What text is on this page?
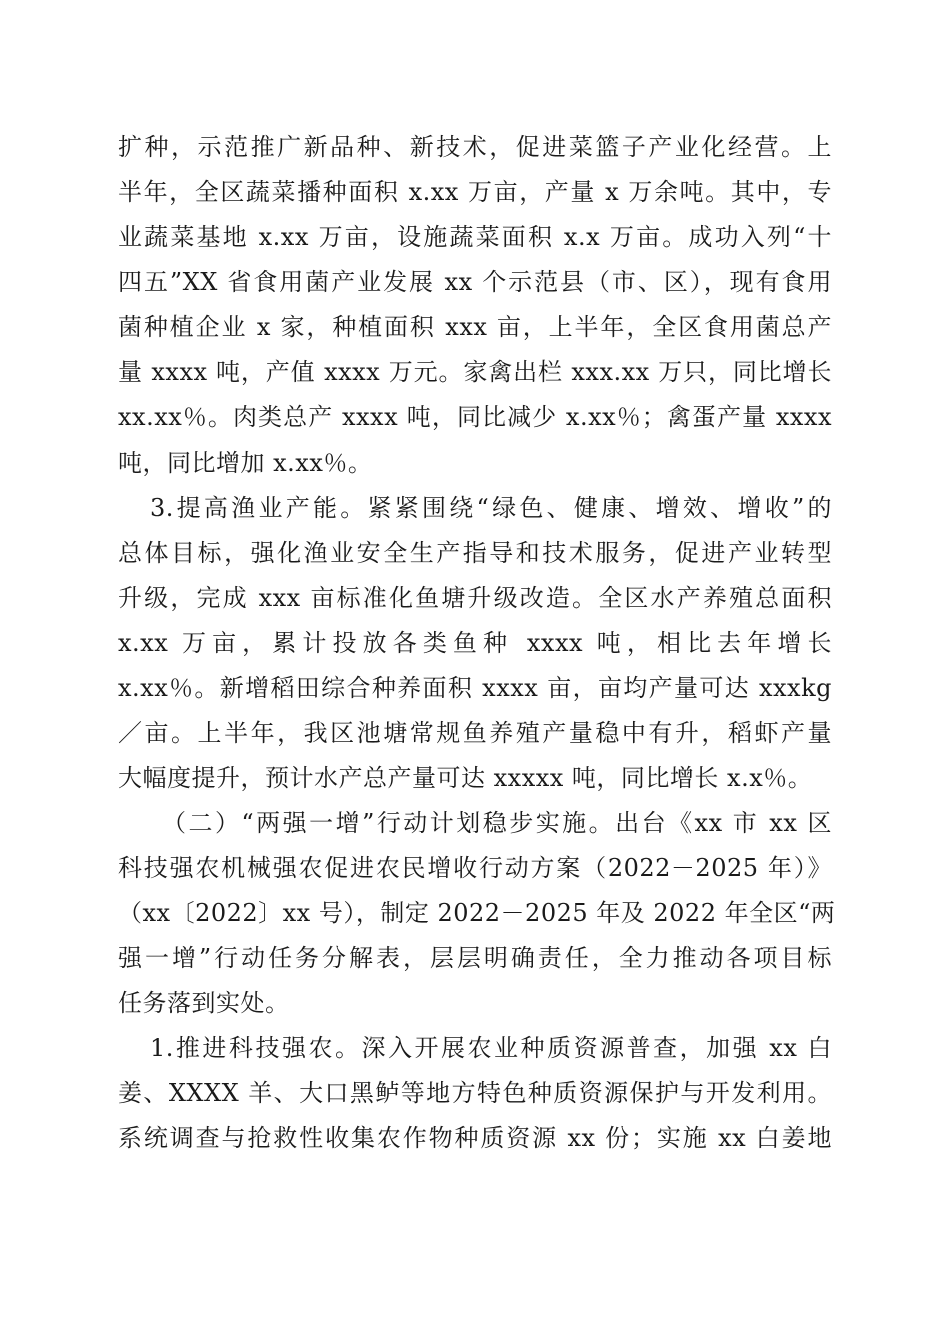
扩种，示范推广新品种、新技术，促进菜篮子产业化经营。上
半年，全区蔬菜播种面积 x.xx 万亩，产量 x 万余吨。其中，专
业蔬菜基地 x.xx 万亩，设施蔬菜面积 x.x 万亩。成功入列“十
四五”XX 省食用菌产业发展 xx 个示范县（市、区），现有食用
菌种植企业 x 家，种植面积 xxx 亩，上半年，全区食用菌总产
量 xxxx 吨，产值 xxxx 万元。家禽出栏 xxx.xx 万只，同比增长
xx.xx％。肉类总产 xxxx 吨，同比减少 x.xx％；禽蛋产量 xxxx
吨，同比增加 x.xx％。
3.提高渔业产能。紧紧围绕“绿色、健康、增效、增收”的
总体目标，强化渔业安全生产指导和技术服务，促进产业转型
升级，完成 xxx 亩标准化鱼塘升级改造。全区水产养殖总面积
x.xx 万亩，累计投放各类鱼种 xxxx 吨，相比去年增长
x.xx％。新增稻田综合种养面积 xxxx 亩，亩均产量可达 xxxkg
／亩。上半年，我区池塘常规鱼养殖产量稳中有升，稻虾产量
大幅度提升，预计水产总产量可达 xxxxx 吨，同比增长 x.x％。
（二）“两强一增”行动计划稳步实施。出台《xx 市 xx 区
科技强农机械强农促进农民增收行动方案（2022－2025 年）》
（xx〔2022〕xx 号），制定 2022－2025 年及 2022 年全区“两
强一增”行动任务分解表，层层明确责任，全力推动各项目标
任务落到实处。
1.推进科技强农。深入开展农业种质资源普查，加强 xx 白
姜、XXXX 羊、大口黑鲈等地方特色种质资源保护与开发利用。
系统调查与抢救性收集农作物种质资源 xx 份；实施 xx 白姜地
